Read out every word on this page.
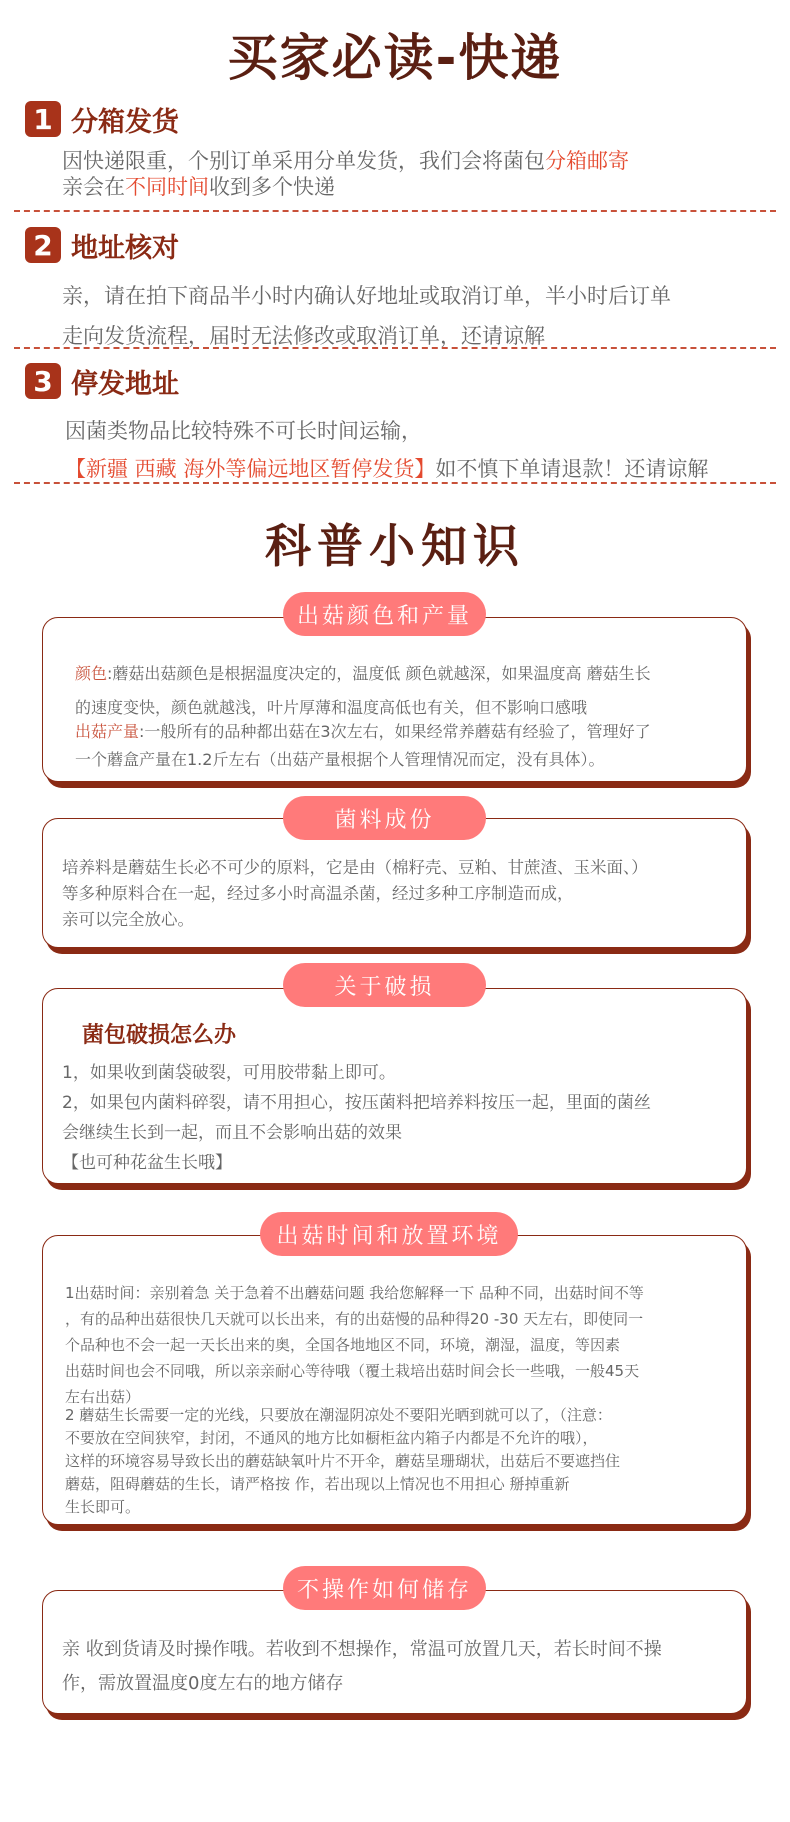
买家必读-快递
1 分箱发货
因快递限重，个别订单采用分单发货，我们会将菌包分箱邮寄
亲会在不同时间收到多个快递
2 地址核对
亲，请在拍下商品半小时内确认好地址或取消订单，半小时后订单
走向发货流程，届时无法修改或取消订单，还请谅解
3 停发地址
因菌类物品比较特殊不可长时间运输，
【新疆 西藏 海外等偏远地区暂停发货】如不慎下单请退款！还请谅解
科普小知识
出菇颜色和产量
颜色:蘑菇出菇颜色是根据温度决定的，温度低 颜色就越深，如果温度高 蘑菇生长
的速度变快，颜色就越浅，叶片厚薄和温度高低也有关，但不影响口感哦
出菇产量:一般所有的品种都出菇在3次左右，如果经常养蘑菇有经验了，管理好了
一个蘑盒产量在1.2斤左右（出菇产量根据个人管理情况而定，没有具体）。
菌料成份
培养料是蘑菇生长必不可少的原料，它是由（棉籽壳、豆粕、甘蔗渣、玉米面、）
等多种原料合在一起，经过多小时高温杀菌，经过多种工序制造而成，
亲可以完全放心。
关于破损
菌包破损怎么办
1，如果收到菌袋破裂，可用胶带黏上即可。
2，如果包内菌料碎裂，请不用担心，按压菌料把培养料按压一起，里面的菌丝
会继续生长到一起，而且不会影响出菇的效果
【也可种花盆生长哦】
出菇时间和放置环境
1出菇时间：亲别着急 关于急着不出蘑菇问题 我给您解释一下 品种不同，出菇时间不等
，有的品种出菇很快几天就可以长出来，有的出菇慢的品种得20 -30 天左右，即使同一
个品种也不会一起一天长出来的奥，全国各地地区不同，环境，潮湿，温度，等因素
出菇时间也会不同哦，所以亲亲耐心等待哦（覆土栽培出菇时间会长一些哦，一般45天
左右出菇）
2 蘑菇生长需要一定的光线，只要放在潮湿阴凉处不要阳光晒到就可以了，（注意：
不要放在空间狭窄，封闭，不通风的地方比如橱柜盆内箱子内都是不允许的哦），
这样的环境容易导致长出的蘑菇缺氧叶片不开伞，蘑菇呈珊瑚状，出菇后不要遮挡住
蘑菇，阻碍蘑菇的生长，请严格按 作，若出现以上情况也不用担心 掰掉重新
生长即可。
不操作如何储存
亲 收到货请及时操作哦。若收到不想操作，常温可放置几天，若长时间不操
作，需放置温度0度左右的地方储存
